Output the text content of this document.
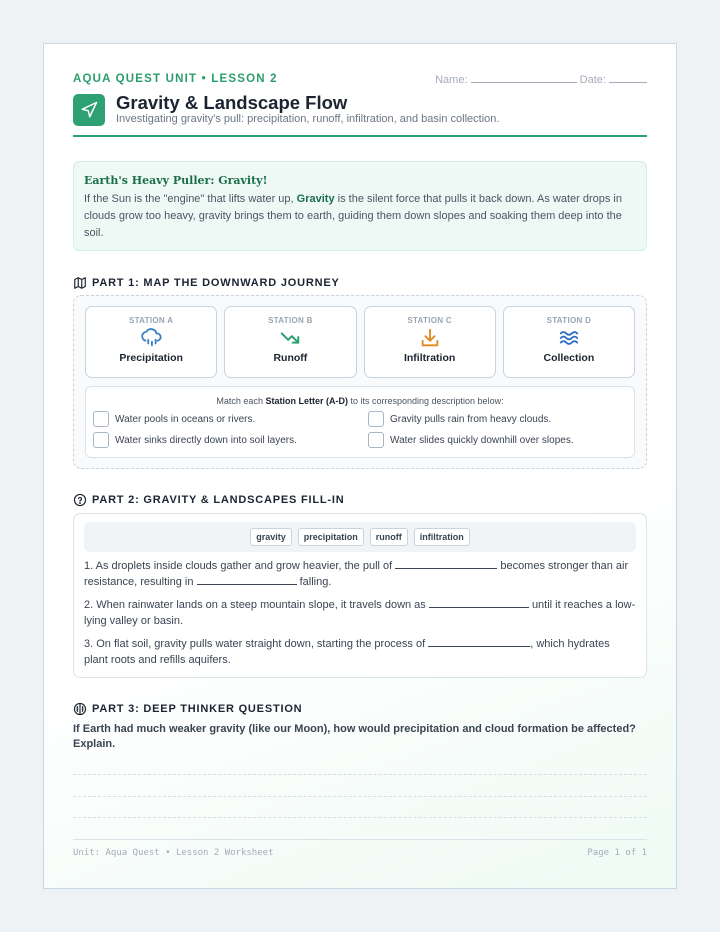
AQUA QUEST UNIT • LESSON 2	Name:	Date:
Gravity & Landscape Flow
Investigating gravity's pull: precipitation, runoff, infiltration, and basin collection.
Earth's Heavy Puller: Gravity!
If the Sun is the "engine" that lifts water up, Gravity is the silent force that pulls it back down. As water drops in clouds grow too heavy, gravity brings them to earth, guiding them down slopes and soaking them deep into the soil.
PART 1: MAP THE DOWNWARD JOURNEY
STATION A
Precipitation
STATION B
Runoff
STATION C
Infiltration
STATION D
Collection
Match each Station Letter (A-D) to its corresponding description below:
Water pools in oceans or rivers.	Gravity pulls rain from heavy clouds.
Water sinks directly down into soil layers.	Water slides quickly downhill over slopes.
PART 2: GRAVITY & LANDSCAPES FILL-IN
gravity	precipitation	runoff	infiltration
1. As droplets inside clouds gather and grow heavier, the pull of	becomes stronger than air resistance, resulting in	falling.
2. When rainwater lands on a steep mountain slope, it travels down as	until it reaches a low-lying valley or basin.
3. On flat soil, gravity pulls water straight down, starting the process of	, which hydrates plant roots and refills aquifers.
PART 3: DEEP THINKER QUESTION
If Earth had much weaker gravity (like our Moon), how would precipitation and cloud formation be affected? Explain.
Unit: Aqua Quest • Lesson 2 Worksheet	Page 1 of 1
